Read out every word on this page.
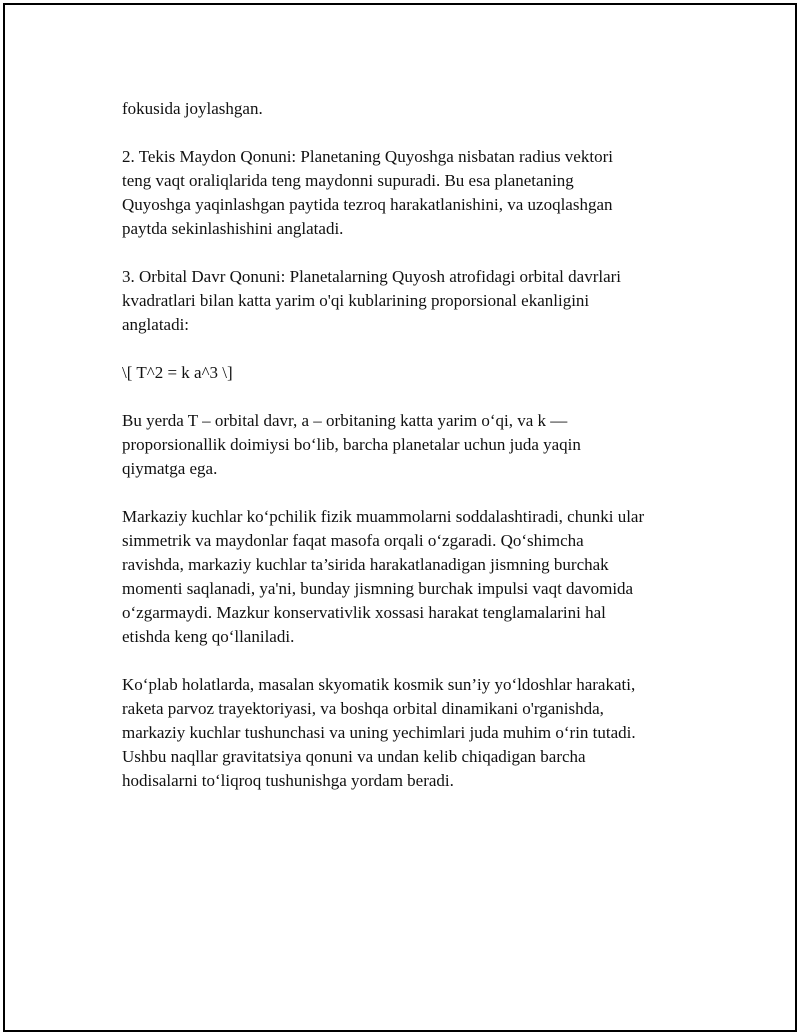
fokusida joylashgan.

2. Tekis Maydon Qonuni: Planetaning Quyoshga nisbatan radius vektori
teng vaqt oraliqlarida teng maydonni supuradi. Bu esa planetaning
Quyoshga yaqinlashgan paytida tezroq harakatlanishini, va uzoqlashgan
paytda sekinlashishini anglatadi.

3. Orbital Davr Qonuni: Planetalarning Quyosh atrofidagi orbital davrlari
kvadratlari bilan katta yarim o'qi kublarining proporsional ekanligini
anglatadi:

\[ T^2 = k a^3 \]

Bu yerda T – orbital davr, a – orbitaning katta yarim o‘qi, va k —
proporsionallik doimiysi bo‘lib, barcha planetalar uchun juda yaqin
qiymatga ega.

Markaziy kuchlar ko‘pchilik fizik muammolarni soddalashtiradi, chunki ular
simmetrik va maydonlar faqat masofa orqali o‘zgaradi. Qo‘shimcha
ravishda, markaziy kuchlar ta’sirida harakatlanadigan jismning burchak
momenti saqlanadi, ya'ni, bunday jismning burchak impulsi vaqt davomida
o‘zgarmaydi. Mazkur konservativlik xossasi harakat tenglamalarini hal
etishda keng qo‘llaniladi.

Ko‘plab holatlarda, masalan skyomatik kosmik sun’iy yo‘ldoshlar harakati,
raketa parvoz trayektoriyasi, va boshqa orbital dinamikani o'rganishda,
markaziy kuchlar tushunchasi va uning yechimlari juda muhim o‘rin tutadi.
Ushbu naqllar gravitatsiya qonuni va undan kelib chiqadigan barcha
hodisalarni to‘liqroq tushunishga yordam beradi.
